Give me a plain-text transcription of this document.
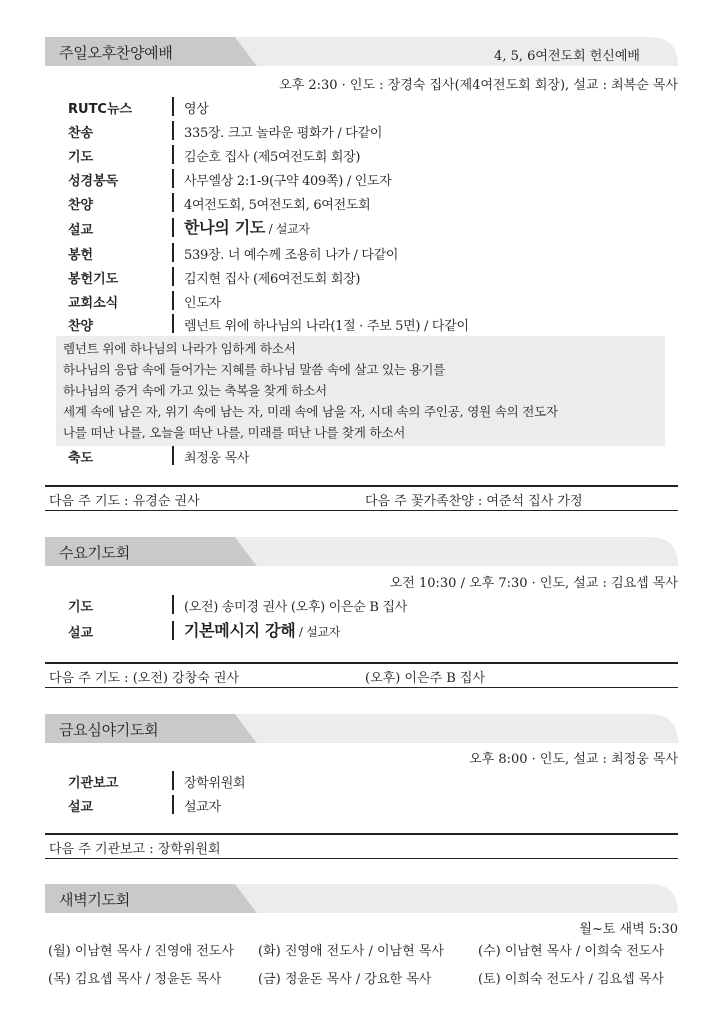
주일오후찬양예배	4, 5, 6여전도회 헌신예배
오후 2:30 · 인도 : 장경숙 집사(제4여전도회 회장), 설교 : 최복순 목사
RUTC뉴스	영상
찬송	335장. 크고 놀라운 평화가 / 다같이
기도	김순호 집사 (제5여전도회 회장)
성경봉독	사무엘상 2:1-9(구약 409쪽) / 인도자
찬양	4여전도회, 5여전도회, 6여전도회
설교	한나의 기도 / 설교자
봉헌	539장. 너 예수께 조용히 나가 / 다같이
봉헌기도	김지현 집사 (제6여전도회 회장)
교회소식	인도자
찬양	렘넌트 위에 하나님의 나라(1절 · 주보 5면) / 다같이
렘넌트 위에 하나님의 나라가 임하게 하소서
하나님의 응답 속에 들어가는 지혜를 하나님 말씀 속에 살고 있는 용기를
하나님의 증거 속에 가고 있는 축복을 찾게 하소서
세계 속에 남은 자, 위기 속에 남는 자, 미래 속에 남을 자, 시대 속의 주인공, 영원 속의 전도자
나를 떠난 나를, 오늘을 떠난 나를, 미래를 떠난 나를 찾게 하소서
축도	최정웅 목사
다음 주 기도 : 유경순 권사	다음 주 꽃가족찬양 : 여준석 집사 가정
수요기도회
오전 10:30 / 오후 7:30 · 인도, 설교 : 김요셉 목사
기도	(오전) 송미경 권사 (오후) 이은순 B 집사
설교	기본메시지 강해 / 설교자
다음 주 기도 : (오전) 강창숙 권사	(오후) 이은주 B 집사
금요심야기도회
오후 8:00 · 인도, 설교 : 최정웅 목사
기관보고	장학위원회
설교	설교자
다음 주 기관보고 : 장학위원회
새벽기도회
월~토 새벽 5:30
(월) 이남현 목사 / 진영애 전도사 (화) 진영애 전도사 / 이남현 목사	(수) 이남현 목사 / 이희숙 전도사
(목) 김요셉 목사 / 정윤돈 목사	(금) 정윤돈 목사 / 강요한 목사	(토) 이희숙 전도사 / 김요셉 목사
